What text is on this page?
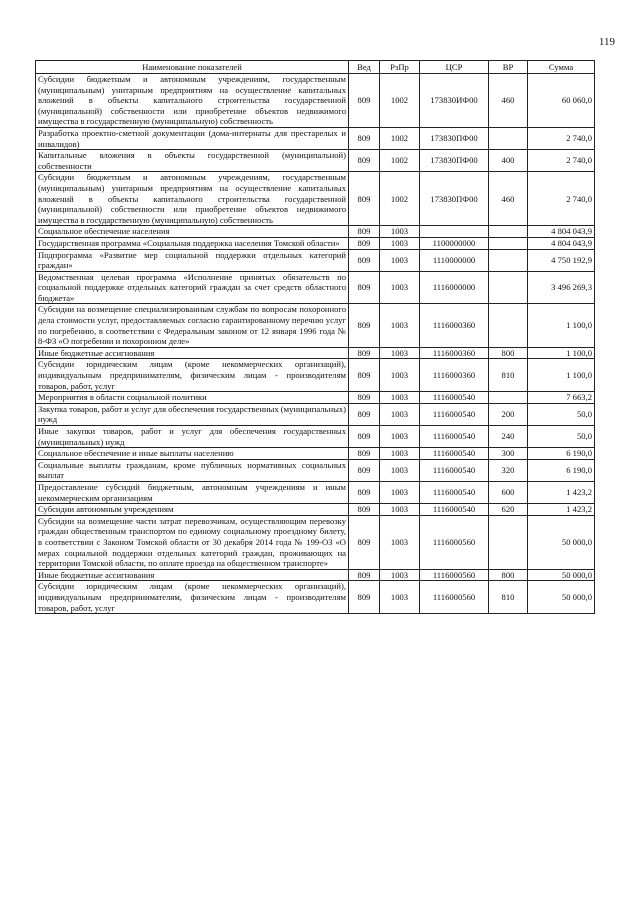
119
Наименование показателей	Вед	РзПр	ЦСР	ВР	Сумма
Субсидии бюджетным и автономным учреждениям, государственным (муниципальным) унитарным предприятиям на осуществление капитальных вложений в объекты капитального строительства государственной (муниципальной) собственности или приобретение объектов недвижимого имущества в государственную (муниципальную) собственность	809	1002	173830ИФ00	460	60 060,0
Разработка проектно-сметной документации (дома-интернаты для престарелых и инвалидов)	809	1002	173830ПФ00		2 740,0
Капитальные вложения в объекты государственной (муниципальной) собственности	809	1002	173830ПФ00	400	2 740,0
Субсидии бюджетным и автономным учреждениям, государственным (муниципальным) унитарным предприятиям на осуществление капитальных вложений в объекты капитального строительства государственной (муниципальной) собственности или приобретение объектов недвижимого имущества в государственную (муниципальную) собственность	809	1002	173830ПФ00	460	2 740,0
Социальное обеспечение населения	809	1003			4 804 043,9
Государственная программа «Социальная поддержка населения Томской области»	809	1003	1100000000		4 804 043,9
Подпрограмма «Развитие мер социальной поддержки отдельных категорий граждан»	809	1003	1110000000		4 750 192,9
Ведомственная целевая программа «Исполнение принятых обязательств по социальной поддержке отдельных категорий граждан за счет средств областного бюджета»	809	1003	1116000000		3 496 269,3
Субсидии на возмещение специализированным службам по вопросам похоронного дела стоимости услуг, предоставляемых согласно гарантированному перечню услуг по погребению, в соответствии с Федеральным законом от 12 января 1996 года № 8-ФЗ «О погребении и похоронном деле»	809	1003	1116000360		1 100,0
Иные бюджетные ассигнования	809	1003	1116000360	800	1 100,0
Субсидии юридическим лицам (кроме некоммерческих организаций), индивидуальным предпринимателям, физическим лицам - производителям товаров, работ, услуг	809	1003	1116000360	810	1 100,0
Мероприятия в области социальной политики	809	1003	1116000540		7 663,2
Закупка товаров, работ и услуг для обеспечения государственных (муниципальных) нужд	809	1003	1116000540	200	50,0
Иные закупки товаров, работ и услуг для обеспечения государственных (муниципальных) нужд	809	1003	1116000540	240	50,0
Социальное обеспечение и иные выплаты населению	809	1003	1116000540	300	6 190,0
Социальные выплаты гражданам, кроме публичных нормативных социальных выплат	809	1003	1116000540	320	6 190,0
Предоставление субсидий бюджетным, автономным учреждениям и иным некоммерческим организациям	809	1003	1116000540	600	1 423,2
Субсидии автономным учреждениям	809	1003	1116000540	620	1 423,2
Субсидии на возмещение части затрат перевозчикам, осуществляющим перевозку граждан общественным транспортом по единому социальному проездному билету, в соответствии с Законом Томской области от 30 декабря 2014 года № 199-ОЗ «О мерах социальной поддержки отдельных категорий граждан, проживающих на территории Томской области, по оплате проезда на общественном транспорте»	809	1003	1116000560		50 000,0
Иные бюджетные ассигнования	809	1003	1116000560	800	50 000,0
Субсидии юридическим лицам (кроме некоммерческих организаций), индивидуальным предпринимателям, физическим лицам - производителям товаров, работ, услуг	809	1003	1116000560	810	50 000,0
